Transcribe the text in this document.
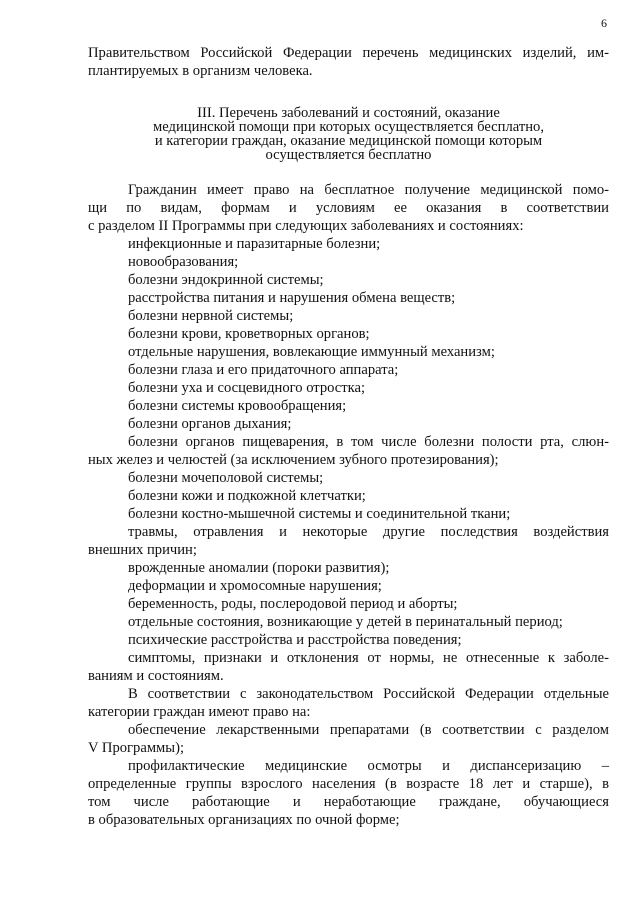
6
Правительством Российской Федерации перечень медицинских изделий, им-
плантируемых в организм человека.
III. Перечень заболеваний и состояний, оказание
медицинской помощи при которых осуществляется бесплатно,
и категории граждан, оказание медицинской помощи которым
осуществляется бесплатно
Гражданин имеет право на бесплатное получение медицинской помо-
щи по видам, формам и условиям ее оказания в соответствии
с разделом II Программы при следующих заболеваниях и состояниях:
инфекционные и паразитарные болезни;
новообразования;
болезни эндокринной системы;
расстройства питания и нарушения обмена веществ;
болезни нервной системы;
болезни крови, кроветворных органов;
отдельные нарушения, вовлекающие иммунный механизм;
болезни глаза и его придаточного аппарата;
болезни уха и сосцевидного отростка;
болезни системы кровообращения;
болезни органов дыхания;
болезни органов пищеварения, в том числе болезни полости рта, слюн-
ных желез и челюстей (за исключением зубного протезирования);
болезни мочеполовой системы;
болезни кожи и подкожной клетчатки;
болезни костно-мышечной системы и соединительной ткани;
травмы, отравления и некоторые другие последствия воздействия
внешних причин;
врожденные аномалии (пороки развития);
деформации и хромосомные нарушения;
беременность, роды, послеродовой период и аборты;
отдельные состояния, возникающие у детей в перинатальный период;
психические расстройства и расстройства поведения;
симптомы, признаки и отклонения от нормы, не отнесенные к заболе-
ваниям и состояниям.
В соответствии с законодательством Российской Федерации отдельные
категории граждан имеют право на:
обеспечение лекарственными препаратами (в соответствии с разделом
V Программы);
профилактические медицинские осмотры и диспансеризацию –
определенные группы взрослого населения (в возрасте 18 лет и старше), в
том числе работающие и неработающие граждане, обучающиеся
в образовательных организациях по очной форме;
